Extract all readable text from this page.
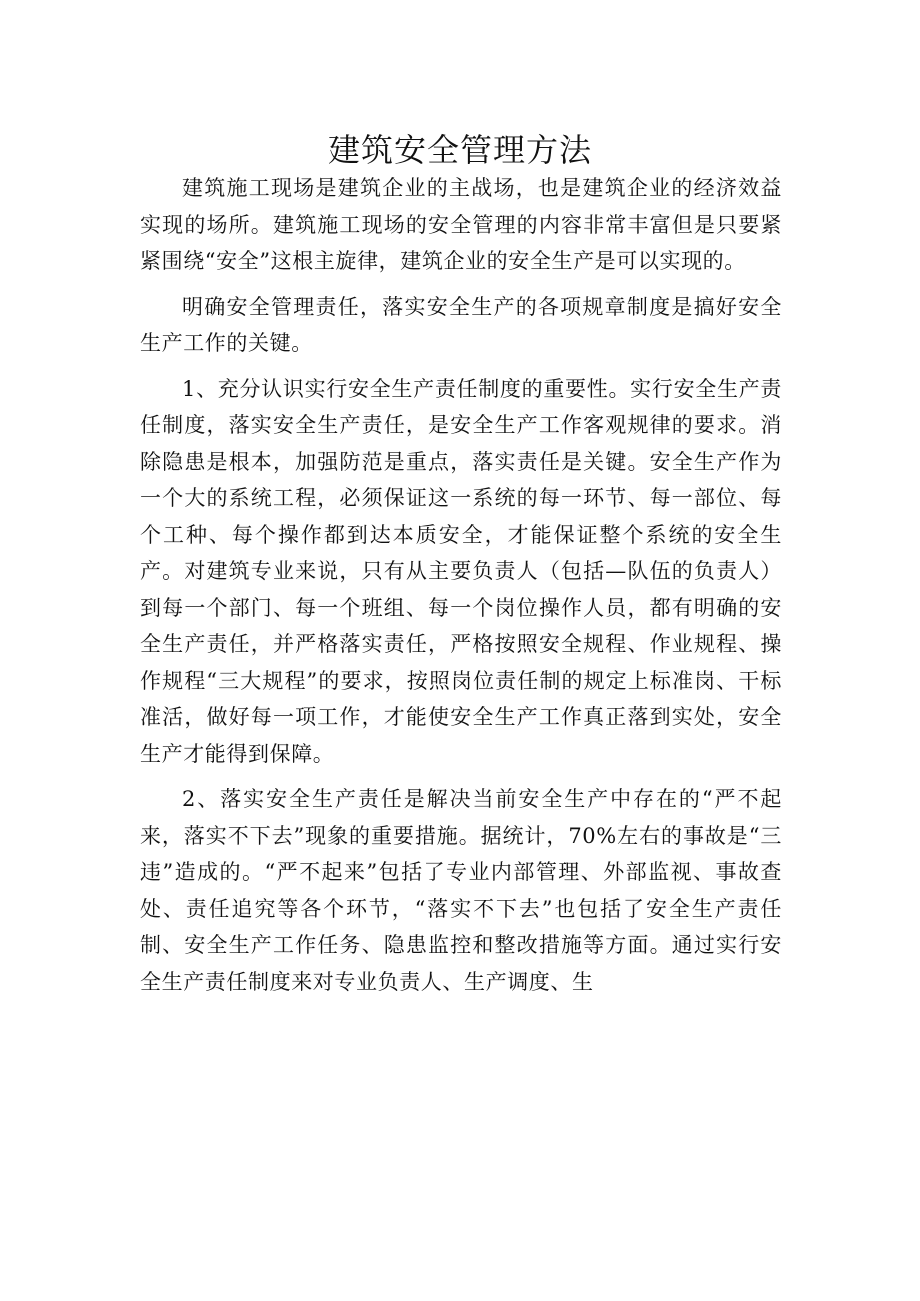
建筑安全管理方法

建筑施工现场是建筑企业的主战场，也是建筑企业的经济效益实现的场所。建筑施工现场的安全管理的内容非常丰富但是只要紧紧围绕“安全”这根主旋律，建筑企业的安全生产是可以实现的。

明确安全管理责任，落实安全生产的各项规章制度是搞好安全生产工作的关键。

1、充分认识实行安全生产责任制度的重要性。实行安全生产责任制度，落实安全生产责任，是安全生产工作客观规律的要求。消除隐患是根本，加强防范是重点，落实责任是关键。安全生产作为一个大的系统工程，必须保证这一系统的每一环节、每一部位、每个工种、每个操作都到达本质安全，才能保证整个系统的安全生产。对建筑专业来说，只有从主要负责人（包括—队伍的负责人）到每一个部门、每一个班组、每一个岗位操作人员，都有明确的安全生产责任，并严格落实责任，严格按照安全规程、作业规程、操作规程“三大规程”的要求，按照岗位责任制的规定上标准岗、干标准活，做好每一项工作，才能使安全生产工作真正落到实处，安全生产才能得到保障。

2、落实安全生产责任是解决当前安全生产中存在的“严不起来，落实不下去”现象的重要措施。据统计，70%左右的事故是“三违”造成的。“严不起来”包括了专业内部管理、外部监视、事故查处、责任追究等各个环节，“落实不下去”也包括了安全生产责任制、安全生产工作任务、隐患监控和整改措施等方面。通过实行安全生产责任制度来对专业负责人、生产调度、生
